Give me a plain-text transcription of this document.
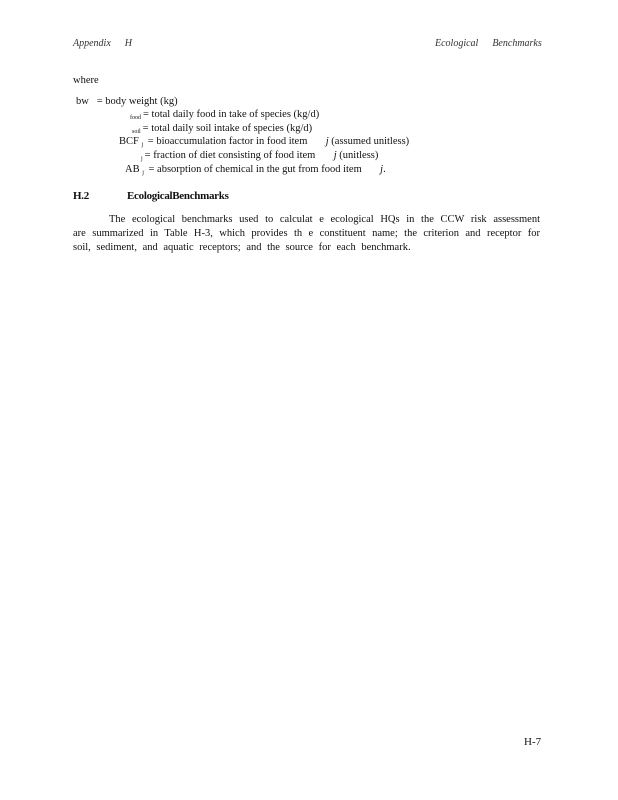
Appendix H	Ecological Benchmarks
where
bw = body weight (kg)
$_{food}$ = total daily food in take of species (kg/d)
$_{soil}$ = total daily soil intake of species (kg/d)
BCF $_j$ = bioaccumulation factor in food item j (assumed unitless)
$_j$ = fraction of diet consisting of food item j (unitless)
AB $_j$ = absorption of chemical in the gut from food item j.
H.2	EcologicalBenchmarks

The ecological benchmarks used to calculat e ecological HQs in the CCW risk assessment are summarized in Table H-3, which provides th e constituent name; the criterion and receptor for soil, sediment, and aquatic receptors; and the source for each benchmark.

H-7
